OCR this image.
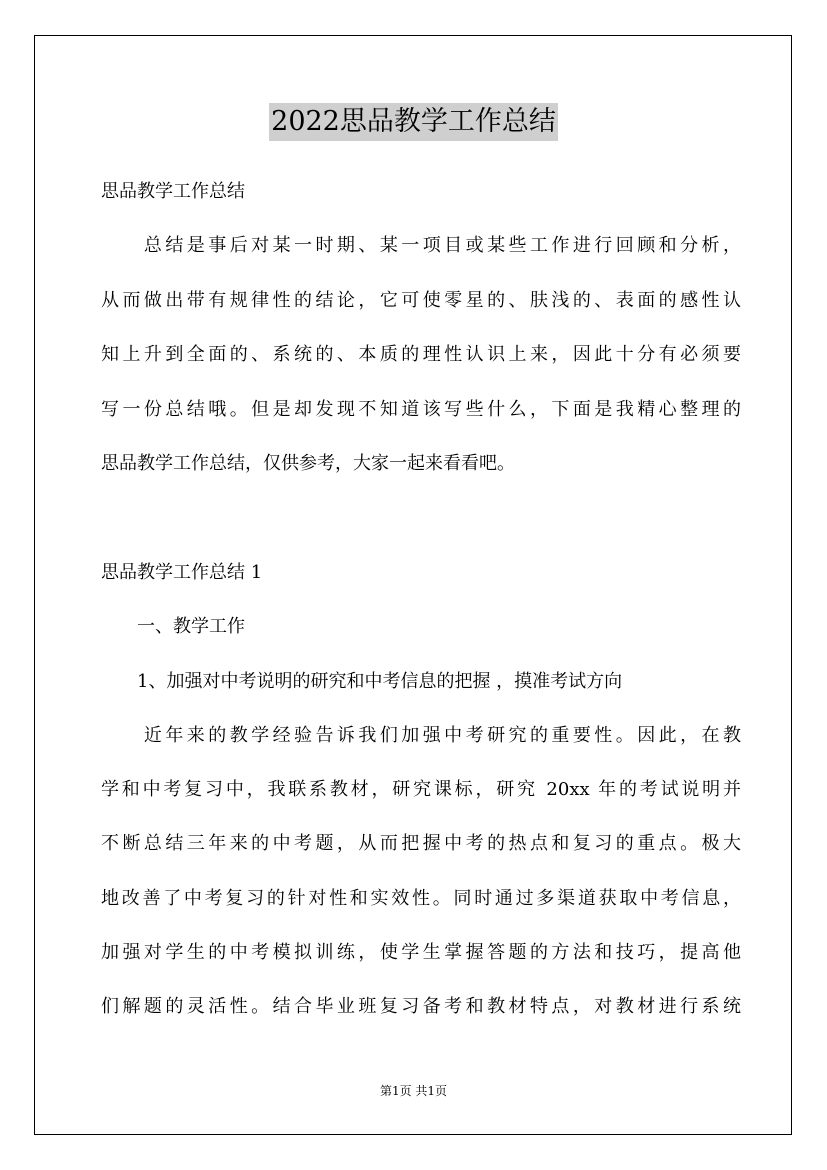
2022思品教学工作总结
思品教学工作总结
　　总结是事后对某一时期、某一项目或某些工作进行回顾和分析，
从而做出带有规律性的结论，它可使零星的、肤浅的、表面的感性认
知上升到全面的、系统的、本质的理性认识上来，因此十分有必须要
写一份总结哦。但是却发现不知道该写些什么，下面是我精心整理的
思品教学工作总结，仅供参考，大家一起来看看吧。
思品教学工作总结 1
　　一、教学工作
　　1、加强对中考说明的研究和中考信息的把握 ，摸准考试方向
　　近年来的教学经验告诉我们加强中考研究的重要性。因此，在教
学和中考复习中，我联系教材，研究课标，研究 20xx 年的考试说明并
不断总结三年来的中考题，从而把握中考的热点和复习的重点。极大
地改善了中考复习的针对性和实效性。同时通过多渠道获取中考信息，
加强对学生的中考模拟训练，使学生掌握答题的方法和技巧，提高他
们解题的灵活性。结合毕业班复习备考和教材特点，对教材进行系统
第1页 共1页
